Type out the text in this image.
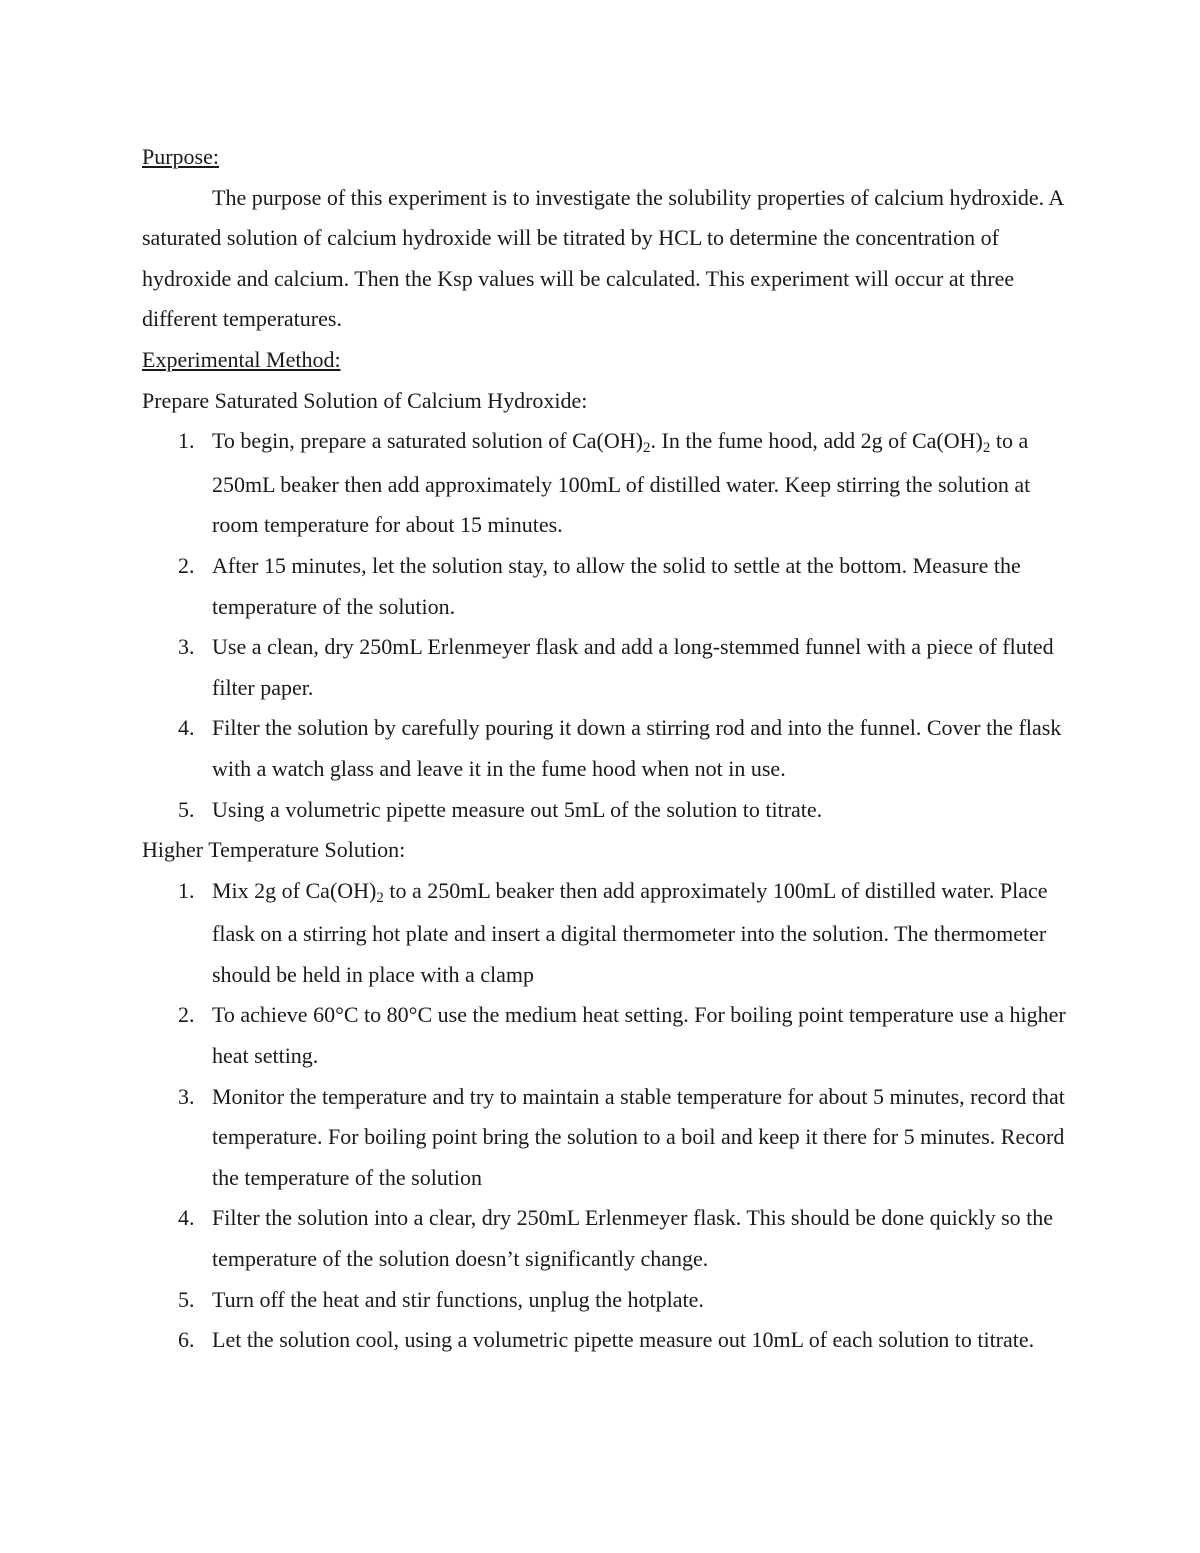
Purpose:

The purpose of this experiment is to investigate the solubility properties of calcium hydroxide. A saturated solution of calcium hydroxide will be titrated by HCL to determine the concentration of hydroxide and calcium. Then the Ksp values will be calculated. This experiment will occur at three different temperatures.

Experimental Method:

Prepare Saturated Solution of Calcium Hydroxide:

1. To begin, prepare a saturated solution of $Ca(OH)_2$. In the fume hood, add 2g of $Ca(OH)_2$ to a 250mL beaker then add approximately 100mL of distilled water. Keep stirring the solution at room temperature for about 15 minutes.
2. After 15 minutes, let the solution stay, to allow the solid to settle at the bottom. Measure the temperature of the solution.
3. Use a clean, dry 250mL Erlenmeyer flask and add a long-stemmed funnel with a piece of fluted filter paper.
4. Filter the solution by carefully pouring it down a stirring rod and into the funnel. Cover the flask with a watch glass and leave it in the fume hood when not in use.
5. Using a volumetric pipette measure out 5mL of the solution to titrate.

Higher Temperature Solution:

1. Mix 2g of $Ca(OH)_2$ to a 250mL beaker then add approximately 100mL of distilled water. Place flask on a stirring hot plate and insert a digital thermometer into the solution. The thermometer should be held in place with a clamp
2. To achieve 60°C to 80°C use the medium heat setting. For boiling point temperature use a higher heat setting.
3. Monitor the temperature and try to maintain a stable temperature for about 5 minutes, record that temperature. For boiling point bring the solution to a boil and keep it there for 5 minutes. Record the temperature of the solution
4. Filter the solution into a clear, dry 250mL Erlenmeyer flask. This should be done quickly so the temperature of the solution doesn’t significantly change.
5. Turn off the heat and stir functions, unplug the hotplate.
6. Let the solution cool, using a volumetric pipette measure out 10mL of each solution to titrate.
